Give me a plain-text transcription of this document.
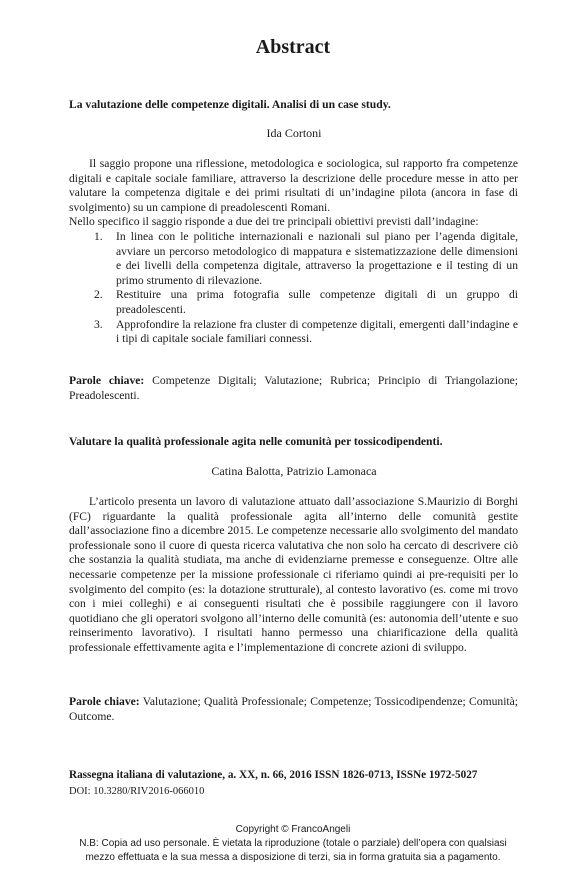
Abstract
La valutazione delle competenze digitali. Analisi di un case study.
Ida Cortoni

Il saggio propone una riflessione, metodologica e sociologica, sul rapporto fra competenze digitali e capitale sociale familiare, attraverso la descrizione delle procedure messe in atto per valutare la competenza digitale e dei primi risultati di un’indagine pilota (ancora in fase di svolgimento) su un campione di preadolescenti Romani.

Nello specifico il saggio risponde a due dei tre principali obiettivi previsti dall’indagine:

1. In linea con le politiche internazionali e nazionali sul piano per l’agenda digitale, avviare un percorso metodologico di mappatura e sistematizzazione delle dimensioni e dei livelli della competenza digitale, attraverso la progettazione e il testing di un primo strumento di rilevazione.
2. Restituire una prima fotografia sulle competenze digitali di un gruppo di preadolescenti.
3. Approfondire la relazione fra cluster di competenze digitali, emergenti dall’indagine e i tipi di capitale sociale familiari connessi.

Parole chiave: Competenze Digitali; Valutazione; Rubrica; Principio di Triangolazione; Preadolescenti.

Valutare la qualità professionale agita nelle comunità per tossicodipendenti.
Catina Balotta, Patrizio Lamonaca

L’articolo presenta un lavoro di valutazione attuato dall’associazione S.Maurizio di Borghi (FC) riguardante la qualità professionale agita all’interno delle comunità gestite dall’associazione fino a dicembre 2015. Le competenze necessarie allo svolgimento del mandato professionale sono il cuore di questa ricerca valutativa che non solo ha cercato di descrivere ciò che sostanzia la qualità studiata, ma anche di evidenziarne premesse e conseguenze. Oltre alle necessarie competenze per la missione professionale ci riferiamo quindi ai pre-requisiti per lo svolgimento del compito (es: la dotazione strutturale), al contesto lavorativo (es. come mi trovo con i miei colleghi) e ai conseguenti risultati che è possibile raggiungere con il lavoro quotidiano che gli operatori svolgono all’interno delle comunità (es: autonomia dell’utente e suo reinserimento lavorativo). I risultati hanno permesso una chiarificazione della qualità professionale effettivamente agita e l’implementazione di concrete azioni di sviluppo.

Parole chiave: Valutazione; Qualità Professionale; Competenze; Tossicodipendenze; Comunità; Outcome.

Rassegna italiana di valutazione, a. XX, n. 66, 2016 ISSN 1826-0713, ISSNe 1972-5027
DOI: 10.3280/RIV2016-066010
Copyright © FrancoAngeli
N.B: Copia ad uso personale. È vietata la riproduzione (totale o parziale) dell’opera con qualsiasi
mezzo effettuata e la sua messa a disposizione di terzi, sia in forma gratuita sia a pagamento.
